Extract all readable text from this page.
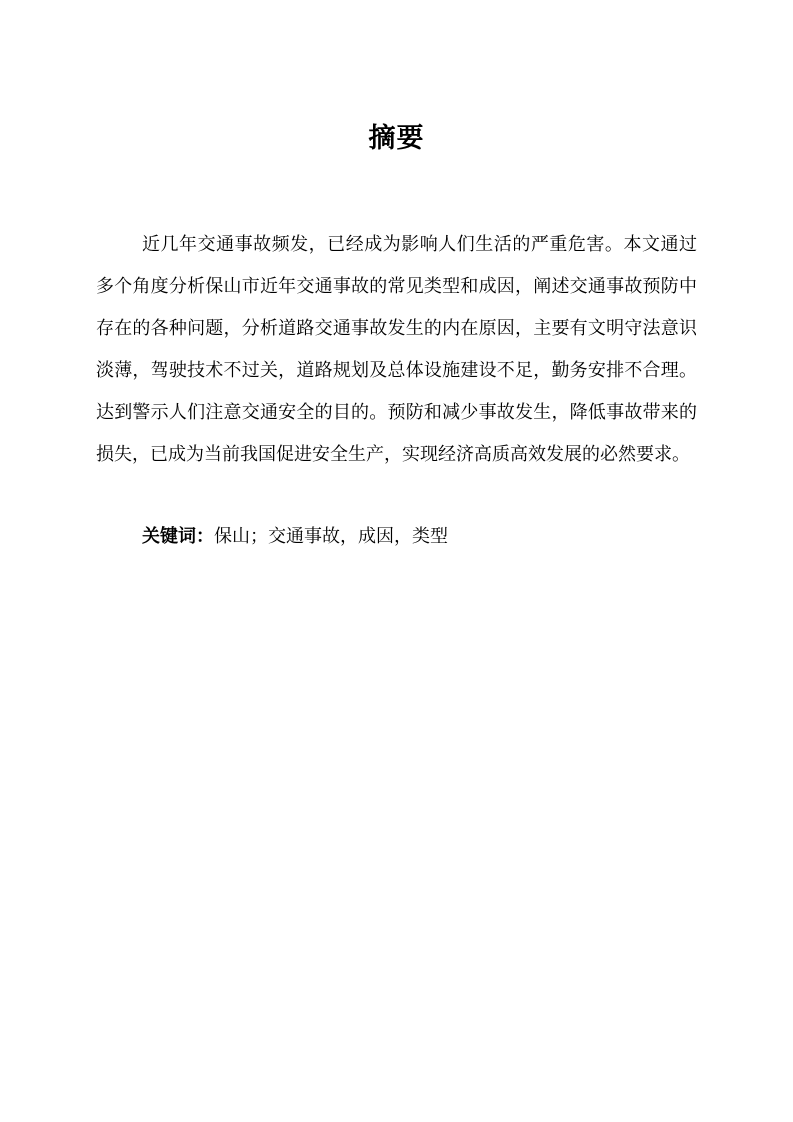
摘要

近几年交通事故频发，已经成为影响人们生活的严重危害。本文通过多个角度分析保山市近年交通事故的常见类型和成因，阐述交通事故预防中存在的各种问题，分析道路交通事故发生的内在原因，主要有文明守法意识淡薄，驾驶技术不过关，道路规划及总体设施建设不足，勤务安排不合理。达到警示人们注意交通安全的目的。预防和减少事故发生，降低事故带来的损失，已成为当前我国促进安全生产，实现经济高质高效发展的必然要求。

关键词：保山；交通事故，成因，类型
